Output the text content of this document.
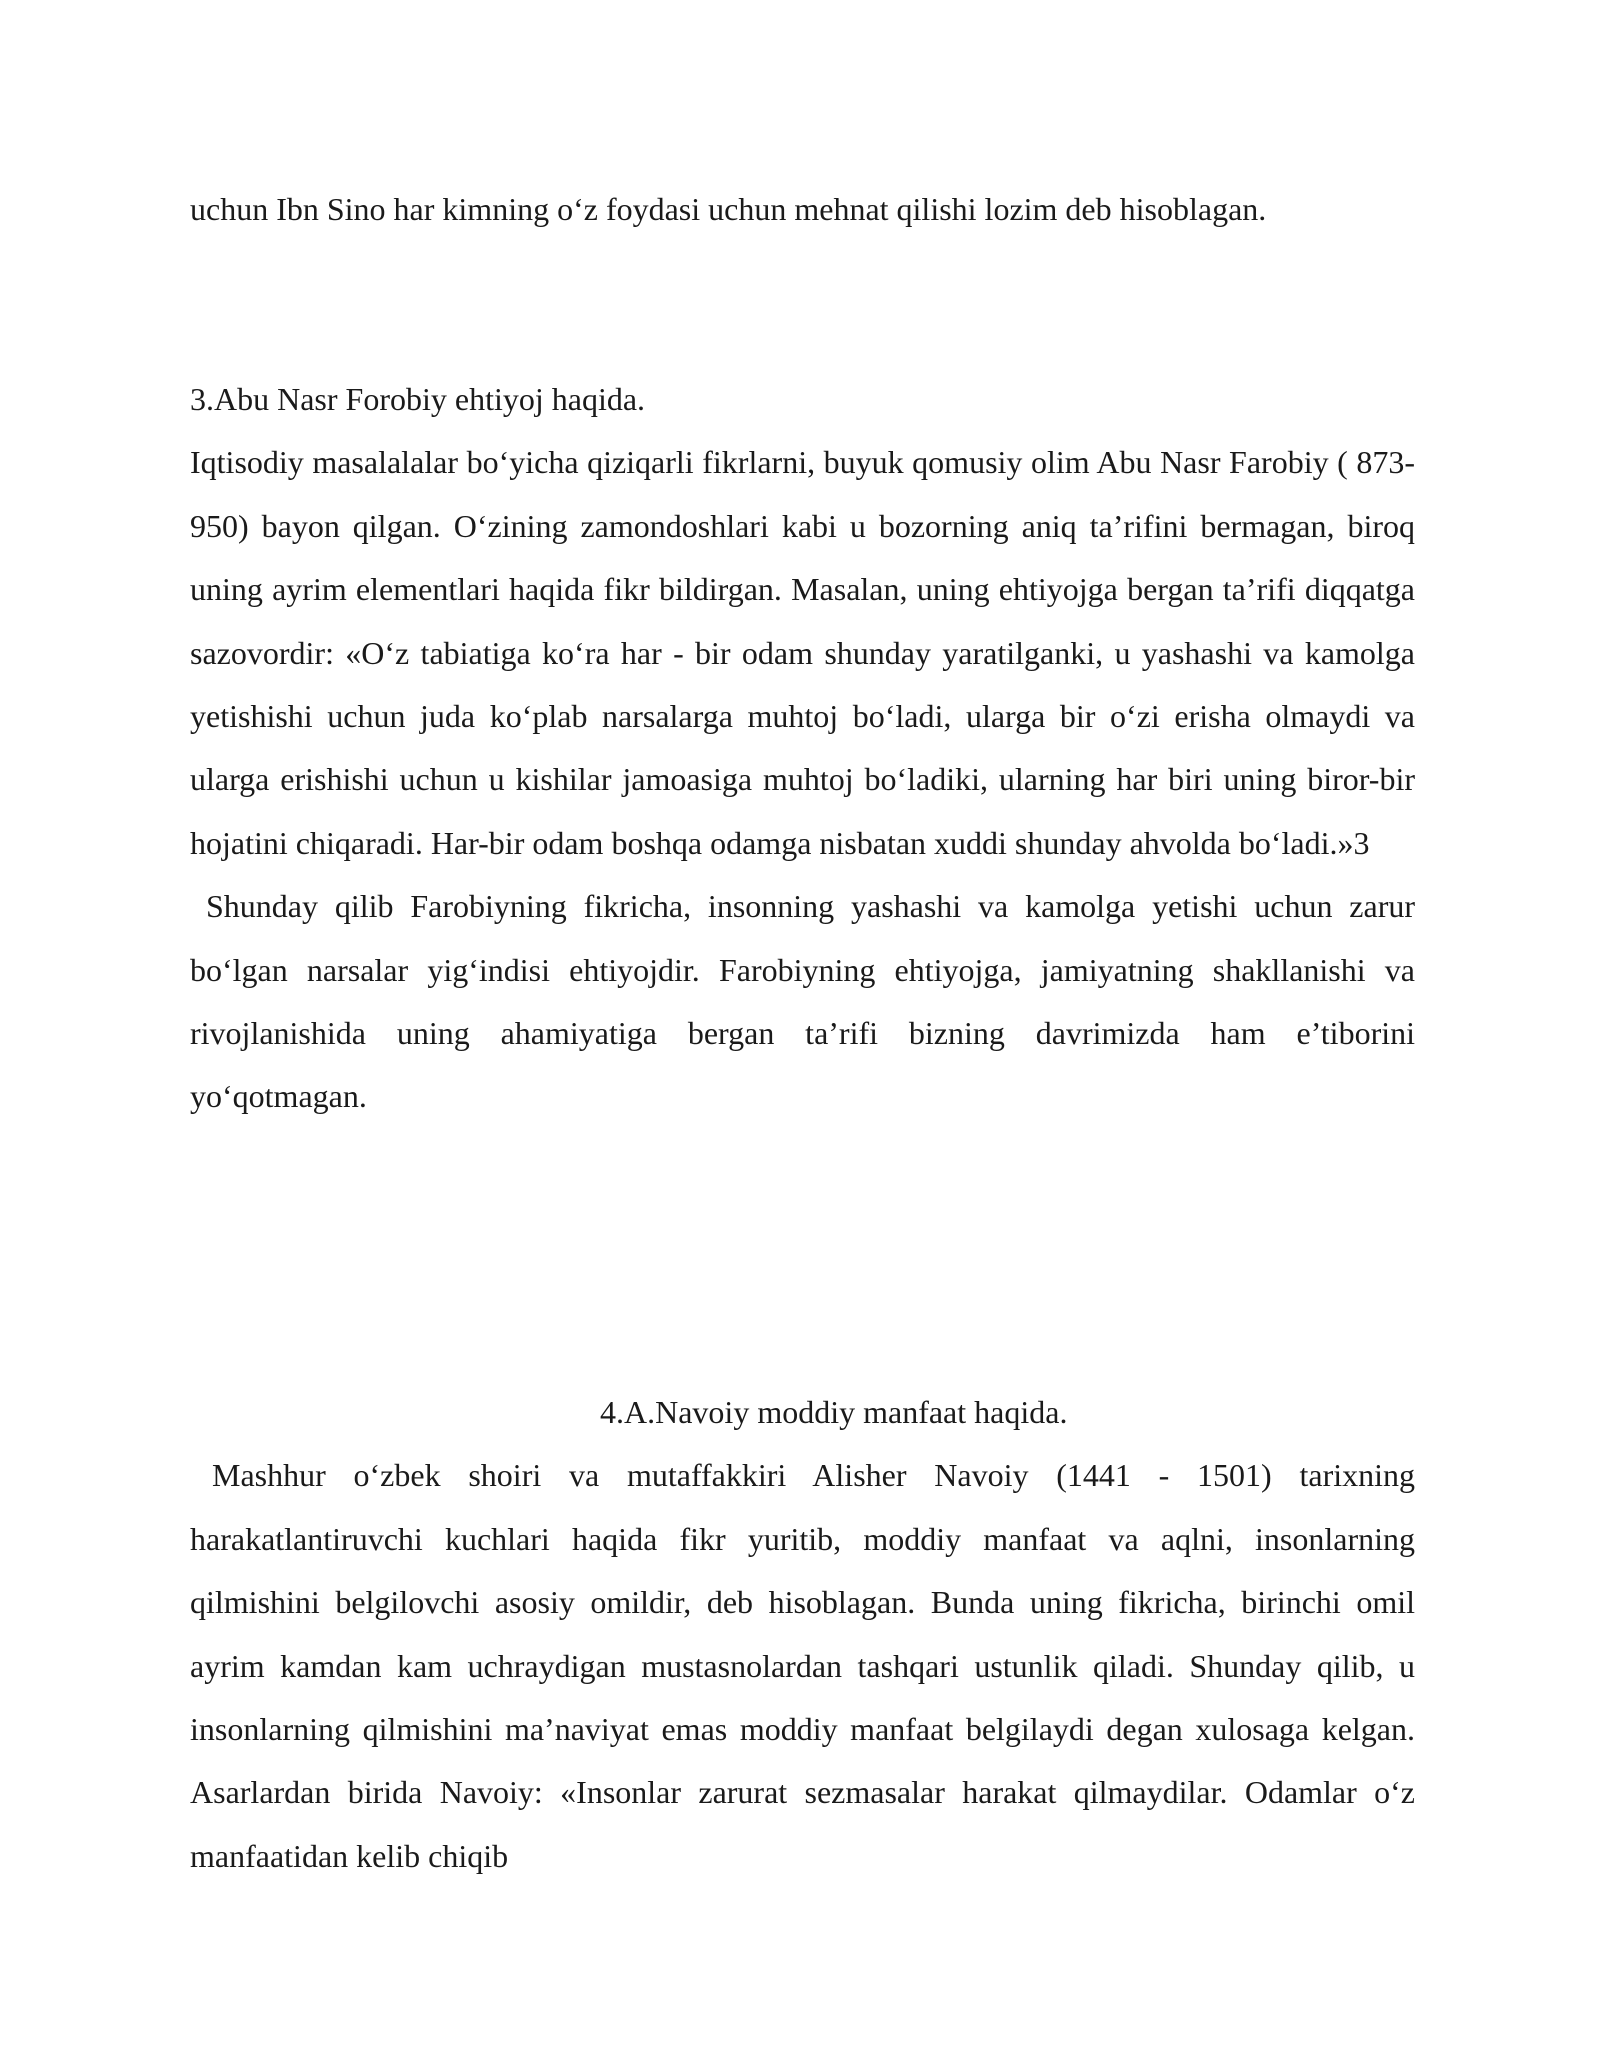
uchun Ibn Sino har kimning o‘z foydasi uchun mehnat qilishi lozim deb hisoblagan.

3.Abu Nasr Forobiy ehtiyoj haqida.

Iqtisodiy masalalalar bo‘yicha qiziqarli fikrlarni, buyuk qomusiy olim Abu Nasr Farobiy ( 873-950) bayon qilgan. O‘zining zamondoshlari kabi u bozorning aniq ta’rifini bermagan, biroq uning ayrim elementlari haqida fikr bildirgan. Masalan, uning ehtiyojga bergan ta’rifi diqqatga sazovordir: «O‘z tabiatiga ko‘ra har - bir odam shunday yaratilganki, u yashashi va kamolga yetishishi uchun juda ko‘plab narsalarga muhtoj bo‘ladi, ularga bir o‘zi erisha olmaydi va ularga erishishi uchun u kishilar jamoasiga muhtoj bo‘ladiki, ularning har biri uning biror-bir hojatini chiqaradi. Har-bir odam boshqa odamga nisbatan xuddi shunday ahvolda bo‘ladi.»3

Shunday qilib Farobiyning fikricha, insonning yashashi va kamolga yetishi uchun zarur bo‘lgan narsalar yig‘indisi ehtiyojdir. Farobiyning ehtiyojga, jamiyatning shakllanishi va rivojlanishida uning ahamiyatiga bergan ta’rifi bizning davrimizda ham e’tiborini yo‘qotmagan.

4.A.Navoiy moddiy manfaat haqida.

Mashhur o‘zbek shoiri va mutaffakkiri Alisher Navoiy (1441 - 1501) tarixning harakatlantiruvchi kuchlari haqida fikr yuritib, moddiy manfaat va aqlni, insonlarning qilmishini belgilovchi asosiy omildir, deb hisoblagan. Bunda uning fikricha, birinchi omil ayrim kamdan kam uchraydigan mustasnolardan tashqari ustunlik qiladi. Shunday qilib, u insonlarning qilmishini ma’naviyat emas moddiy manfaat belgilaydi degan xulosaga kelgan. Asarlardan birida Navoiy: «Insonlar zarurat sezmasalar harakat qilmaydilar. Odamlar o‘z manfaatidan kelib chiqib
